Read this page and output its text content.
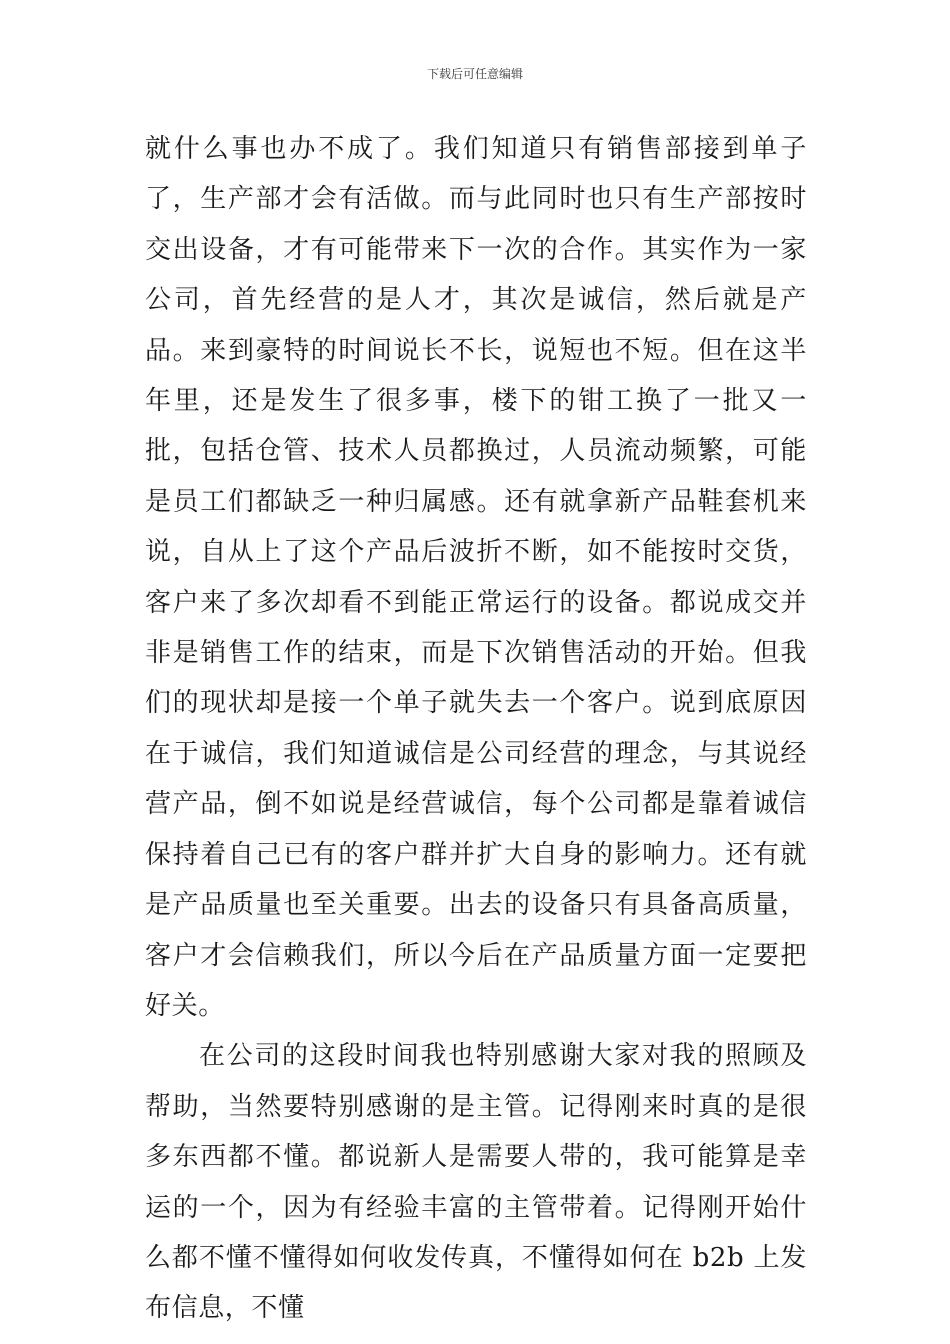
下载后可任意编辑

就什么事也办不成了。我们知道只有销售部接到单子了，生产部才会有活做。而与此同时也只有生产部按时交出设备，才有可能带来下一次的合作。其实作为一家公司，首先经营的是人才，其次是诚信，然后就是产品。来到豪特的时间说长不长，说短也不短。但在这半年里，还是发生了很多事，楼下的钳工换了一批又一批，包括仓管、技术人员都换过，人员流动频繁，可能是员工们都缺乏一种归属感。还有就拿新产品鞋套机来说，自从上了这个产品后波折不断，如不能按时交货，客户来了多次却看不到能正常运行的设备。都说成交并非是销售工作的结束，而是下次销售活动的开始。但我们的现状却是接一个单子就失去一个客户。说到底原因在于诚信，我们知道诚信是公司经营的理念，与其说经营产品，倒不如说是经营诚信，每个公司都是靠着诚信保持着自己已有的客户群并扩大自身的影响力。还有就是产品质量也至关重要。出去的设备只有具备高质量，客户才会信赖我们，所以今后在产品质量方面一定要把好关。

在公司的这段时间我也特别感谢大家对我的照顾及帮助，当然要特别感谢的是主管。记得刚来时真的是很多东西都不懂。都说新人是需要人带的，我可能算是幸运的一个，因为有经验丰富的主管带着。记得刚开始什么都不懂不懂得如何收发传真，不懂得如何在 b2b 上发布信息，不懂
